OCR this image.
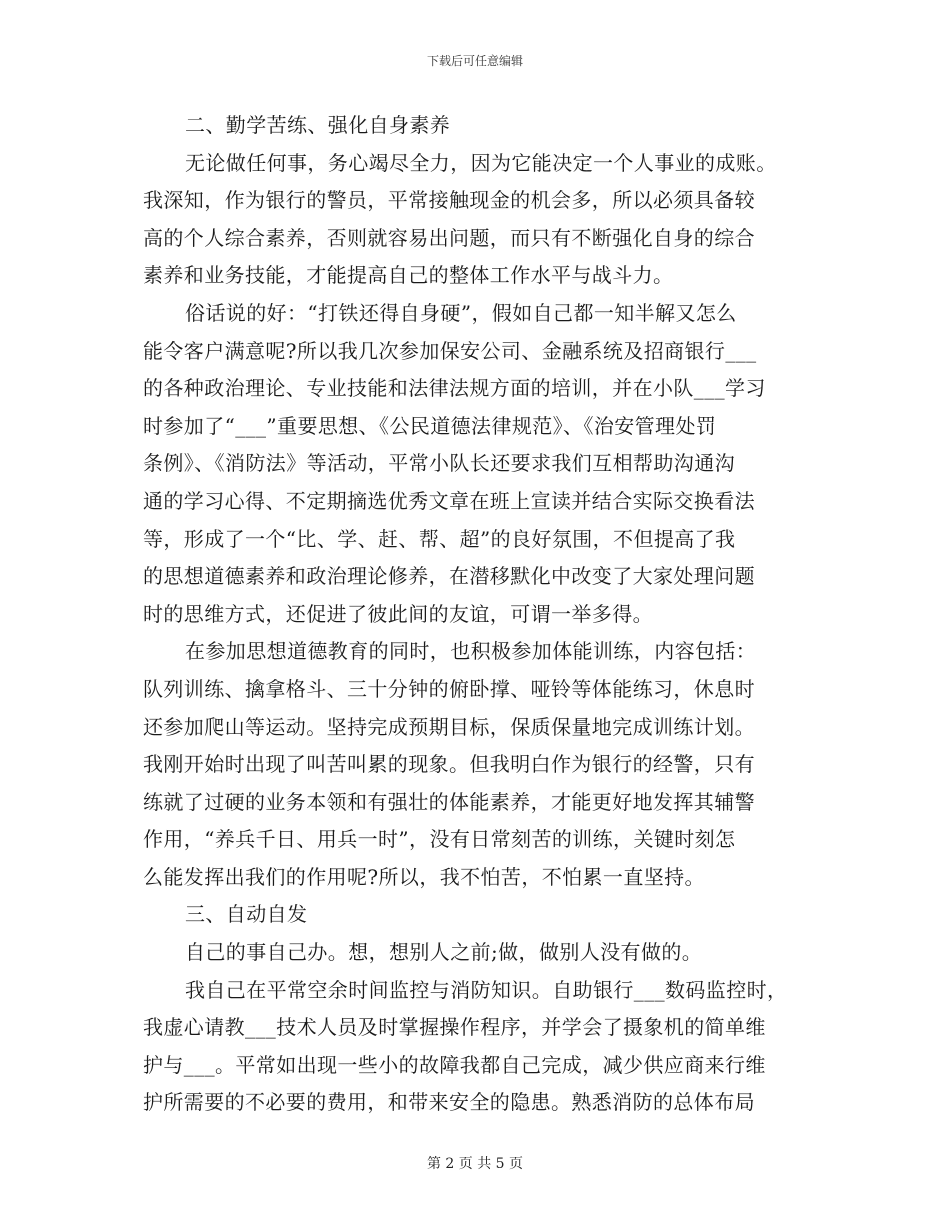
下载后可任意编辑
二、勤学苦练、强化自身素养
无论做任何事，务心竭尽全力，因为它能决定一个人事业的成账。
我深知，作为银行的警员，平常接触现金的机会多，所以必须具备较
高的个人综合素养，否则就容易出问题，而只有不断强化自身的综合
素养和业务技能，才能提高自己的整体工作水平与战斗力。
俗话说的好：“打铁还得自身硬”，假如自己都一知半解又怎么
能令客户满意呢?所以我几次参加保安公司、金融系统及招商银行___
的各种政治理论、专业技能和法律法规方面的培训，并在小队___学习
时参加了“___”重要思想、《公民道德法律规范》、《治安管理处罚
条例》、《消防法》等活动，平常小队长还要求我们互相帮助沟通沟
通的学习心得、不定期摘选优秀文章在班上宣读并结合实际交换看法
等，形成了一个“比、学、赶、帮、超”的良好氛围，不但提高了我
的思想道德素养和政治理论修养，在潜移默化中改变了大家处理问题
时的思维方式，还促进了彼此间的友谊，可谓一举多得。
在参加思想道德教育的同时，也积极参加体能训练，内容包括：
队列训练、擒拿格斗、三十分钟的俯卧撑、哑铃等体能练习，休息时
还参加爬山等运动。坚持完成预期目标，保质保量地完成训练计划。
我刚开始时出现了叫苦叫累的现象。但我明白作为银行的经警，只有
练就了过硬的业务本领和有强壮的体能素养，才能更好地发挥其辅警
作用，“养兵千日、用兵一时”，没有日常刻苦的训练，关键时刻怎
么能发挥出我们的作用呢?所以，我不怕苦，不怕累一直坚持。
三、自动自发
自己的事自己办。想，想别人之前;做，做别人没有做的。
我自己在平常空余时间监控与消防知识。自助银行___数码监控时，
我虚心请教___技术人员及时掌握操作程序，并学会了摄象机的简单维
护与___。平常如出现一些小的故障我都自己完成，减少供应商来行维
护所需要的不必要的费用，和带来安全的隐患。熟悉消防的总体布局
第 2 页 共 5 页
